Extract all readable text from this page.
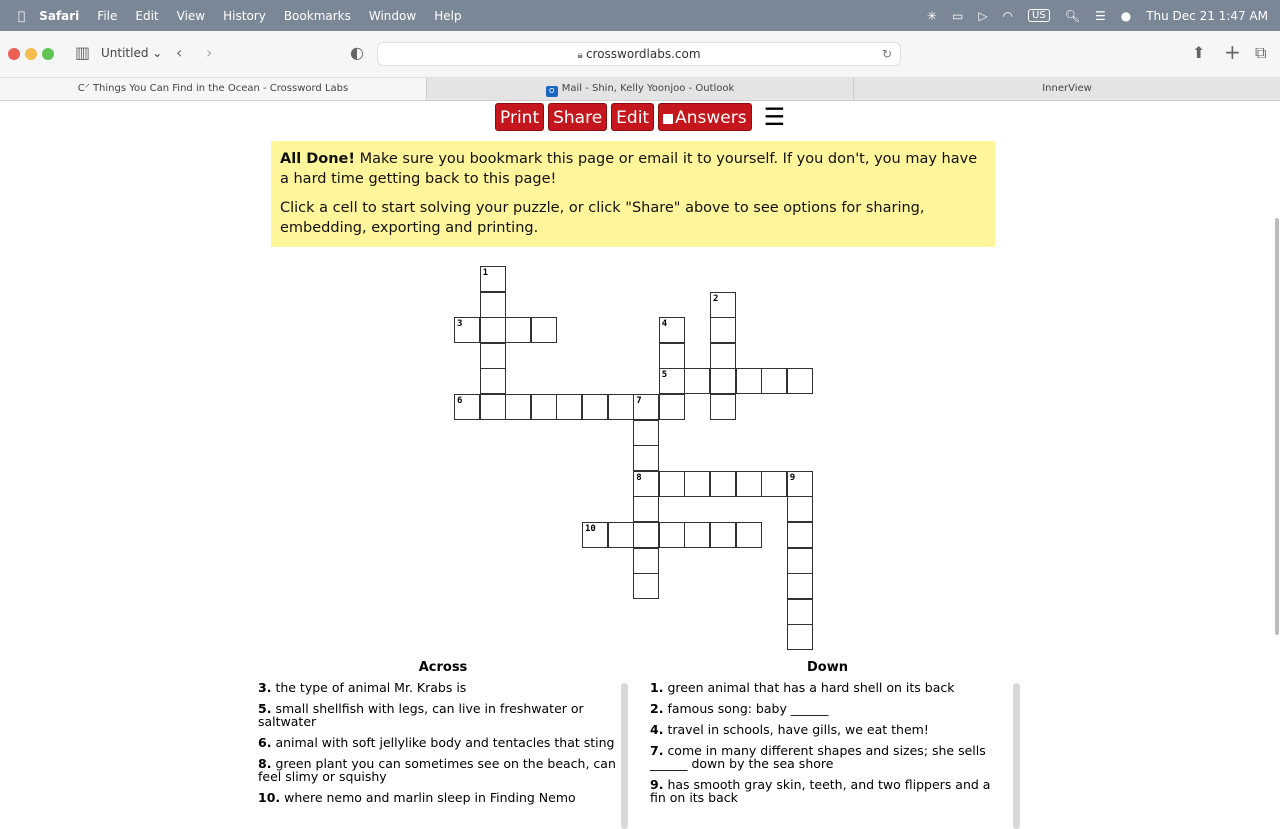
Safari File Edit View History Bookmarks Window Help	✳ ▭ ▷ ◠	US	🔍︎ ☰ ● Thu Dec 21 1:47 AM
▥ Untitled ⌄ ‹ ›	◐	🔒︎ crosswordlabs.com	↻	⬆︎ + ⧉
C⸍ Things You Can Find in the Ocean - Crossword Labs	O Mail - Shin, Kelly Yoonjoo - Outlook	InnerView
Print Share Edit	Answers ☰

All Done! Make sure you bookmark this page or email it to yourself. If you don't, you may have a hard time getting back to this page!

Click a cell to start solving your puzzle, or click "Share" above to see options for sharing, embedding, exporting and printing.

1
2
3	4
5
6	7
8	9
10
Across
3. the type of animal Mr. Krabs is
5. small shellfish with legs, can live in freshwater or saltwater
6. animal with soft jellylike body and tentacles that sting
8. green plant you can sometimes see on the beach, can feel slimy or squishy
10. where nemo and marlin sleep in Finding Nemo
Down
1. green animal that has a hard shell on its back
2. famous song: baby ______
4. travel in schools, have gills, we eat them!
7. come in many different shapes and sizes; she sells ______ down by the sea shore
9. has smooth gray skin, teeth, and two flippers and a fin on its back
